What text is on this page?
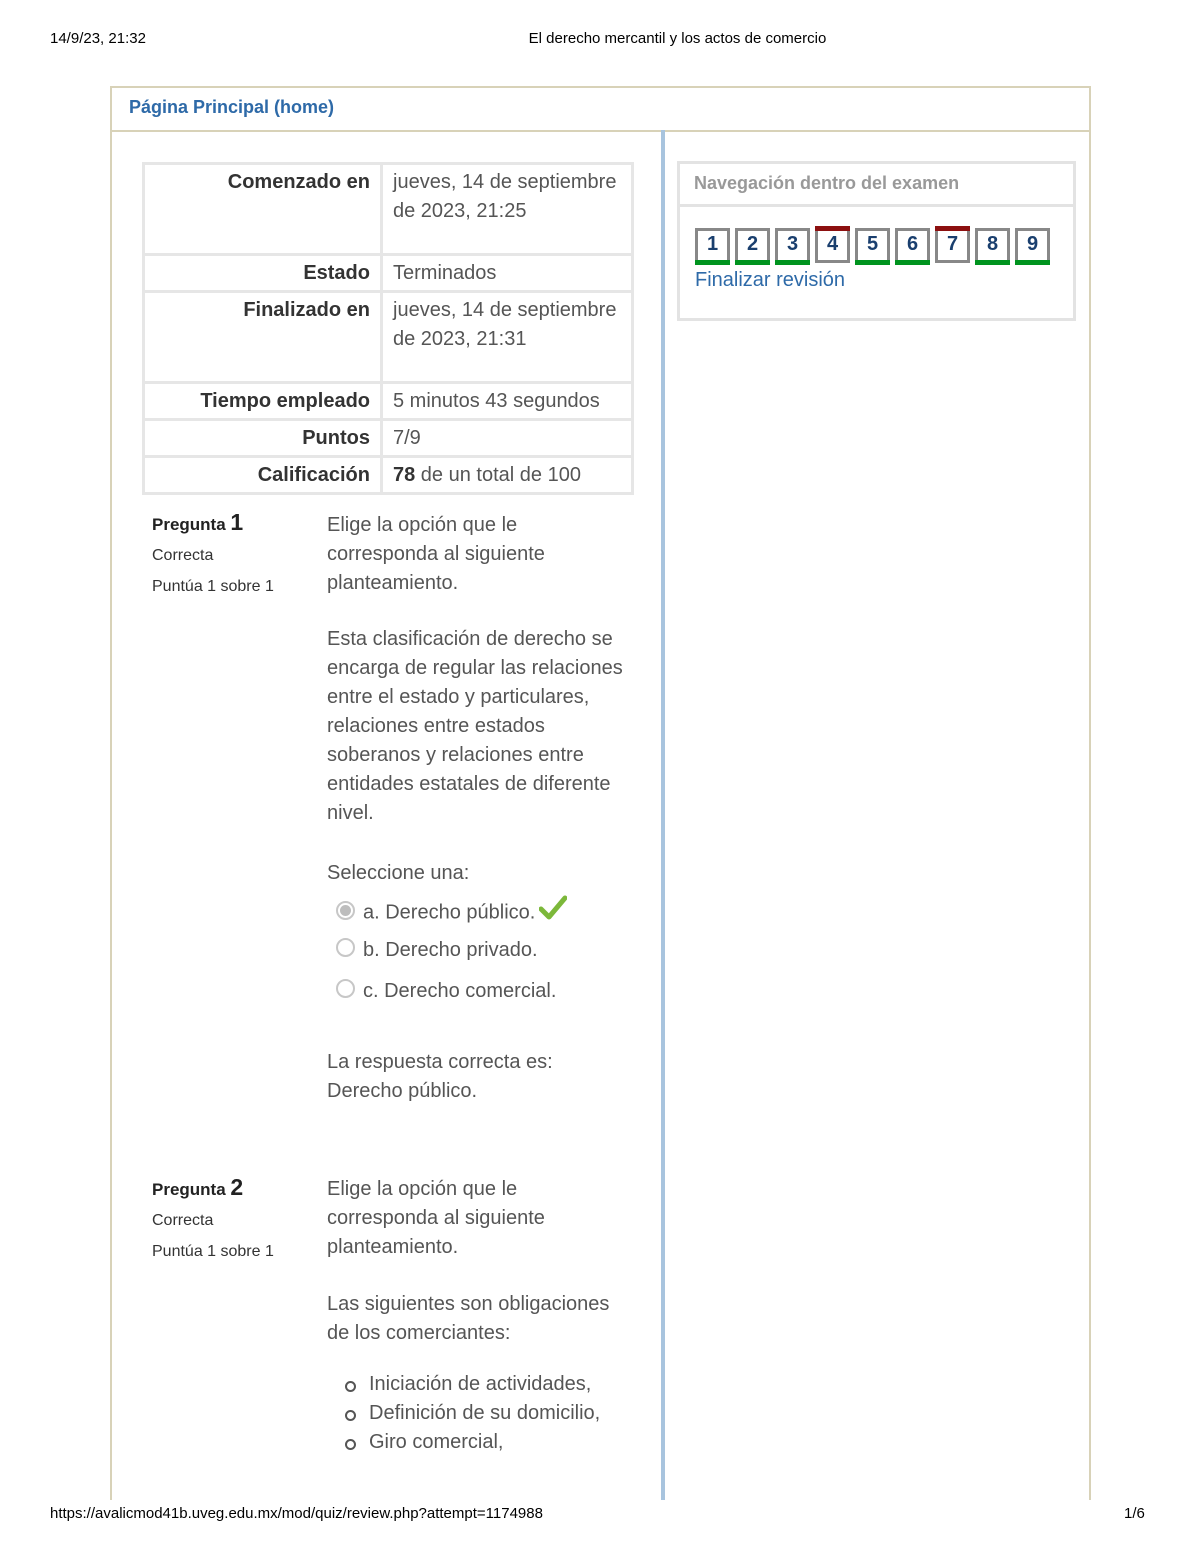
14/9/23, 21:32	El derecho mercantil y los actos de comercio
Página Principal (home)
Comenzado en	jueves, 14 de septiembre de 2023, 21:25
Estado	Terminados
Finalizado en	jueves, 14 de septiembre de 2023, 21:31
Tiempo empleado	5 minutos 43 segundos
Puntos	7/9
Calificación	78 de un total de 100
Pregunta 1
Correcta
Puntúa 1 sobre 1

Elige la opción que le corresponda al siguiente planteamiento.

Esta clasificación de derecho se encarga de regular las relaciones entre el estado y particulares, relaciones entre estados soberanos y relaciones entre entidades estatales de diferente nivel.

Seleccione una:

a. Derecho público.
b. Derecho privado.
c. Derecho comercial.

La respuesta correcta es: Derecho público.

Pregunta 2
Correcta
Puntúa 1 sobre 1

Elige la opción que le corresponda al siguiente planteamiento.

Las siguientes son obligaciones de los comerciantes:

Iniciación de actividades,
Definición de su domicilio,
Giro comercial,
Navegación dentro del examen
1	2	3	4	5	6	7	8	9
Finalizar revisión
https://avalicmod41b.uveg.edu.mx/mod/quiz/review.php?attempt=1174988	1/6
